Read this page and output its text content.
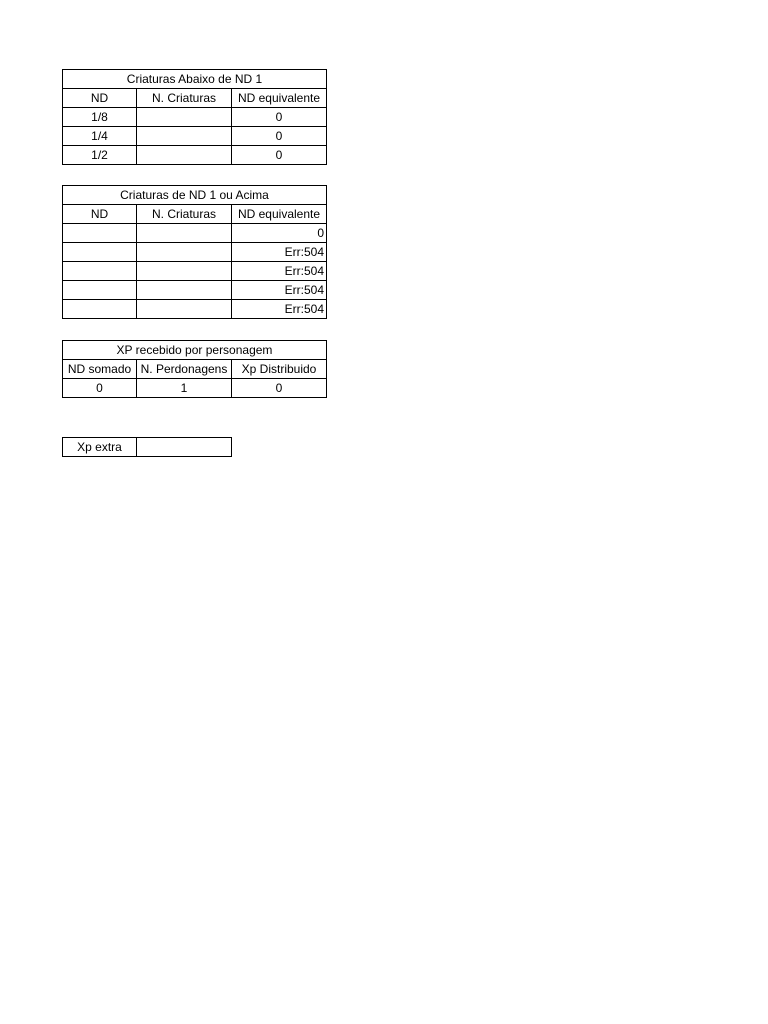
Criaturas Abaixo de ND 1		
ND	N. Criaturas	ND equivalente
1/8		0
1/4		0
1/2		0
Criaturas de ND 1 ou Acima		
ND	N. Criaturas	ND equivalente
		0
		Err:504
		Err:504
		Err:504
		Err:504
XP recebido por personagem		
ND somado	N. Perdonagens	Xp Distribuido
0	1	0
Xp extra	
